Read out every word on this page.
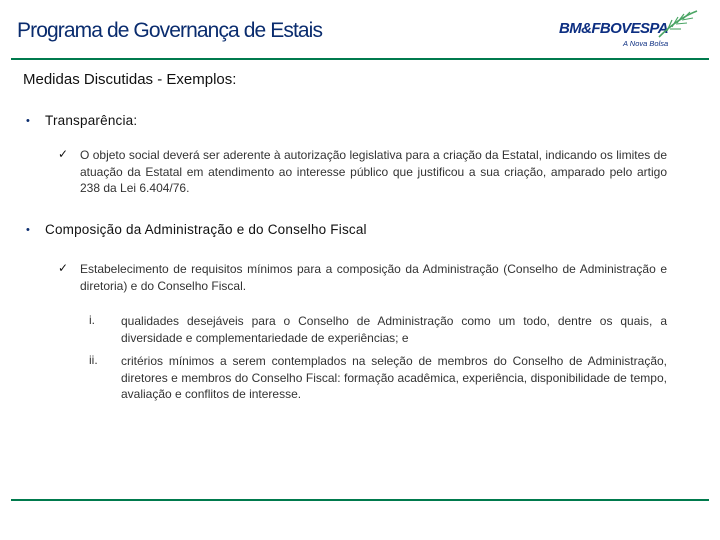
Programa de Governança de Estais	BM&FBOVESPA
A Nova Bolsa
Medidas Discutidas - Exemplos:
• Transparência:
✓ O objeto social deverá ser aderente à autorização legislativa para a criação da Estatal, indicando os limites de atuação da Estatal em atendimento ao interesse público que justificou a sua criação, amparado pelo artigo 238 da Lei 6.404/76.
• Composição da Administração e do Conselho Fiscal
✓ Estabelecimento de requisitos mínimos para a composição da Administração (Conselho de Administração e diretoria) e do Conselho Fiscal.
i. qualidades desejáveis para o Conselho de Administração como um todo, dentre os quais, a diversidade e complementariedade de experiências; e
ii. critérios mínimos a serem contemplados na seleção de membros do Conselho de Administração, diretores e membros do Conselho Fiscal: formação acadêmica, experiência, disponibilidade de tempo, avaliação e conflitos de interesse.
